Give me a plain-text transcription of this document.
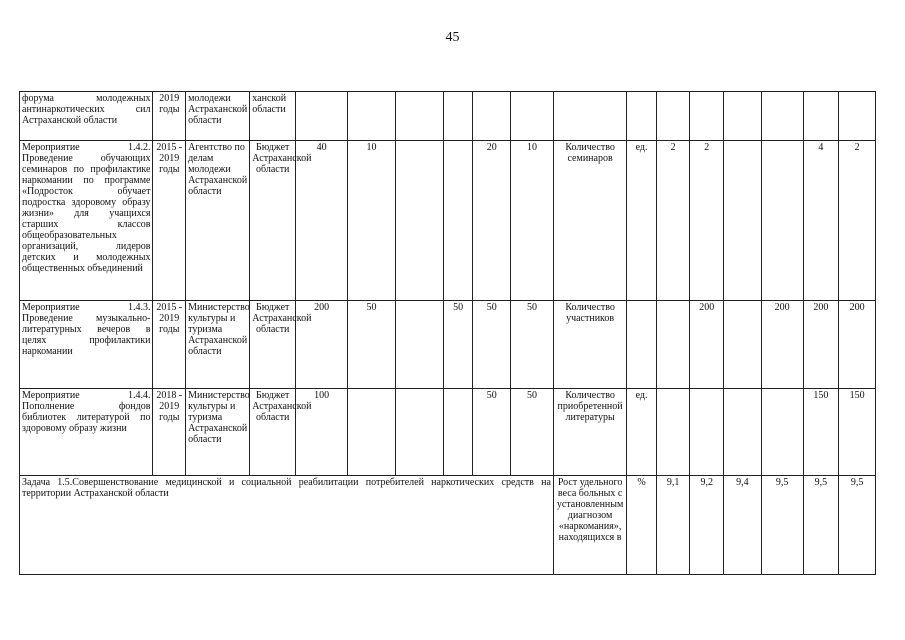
45
форума молодежных антинаркотических сил Астраханской области	2019 годы	молодежи Астраханской области	ханской области														
Мероприятие 1.4.2. Проведение обучающих семинаров по профилактике наркомании по программе «Подросток обучает подростка здоровому образу жизни» для учащихся старших классов общеобразовательных организаций, лидеров детских и молодежных общественных объединений	2015 - 2019 годы	Агентство по делам молодежи Астраханской области	Бюджет Астраханской области	40	10			20	10	Количество семинаров	ед.	2	2			4	2
Мероприятие 1.4.3. Проведение музыкально-литературных вечеров в целях профилактики наркомании	2015 - 2019 годы	Министерство культуры и туризма Астраханской области	Бюджет Астраханской области	200	50		50	50	50	Количество участников			200		200	200	200
Мероприятие 1.4.4. Пополнение фондов библиотек литературой по здоровому образу жизни	2018 - 2019 годы	Министерство культуры и туризма Астраханской области	Бюджет Астраханской области	100				50	50	Количество приобретенной литературы	ед.					150	150
Задача 1.5.Совершенствование медицинской и социальной реабилитации потребителей наркотических средств на территории Астраханской области										Рост удельного веса больных с установленным диагнозом «наркомания», находящихся в	%	9,1	9,2	9,4	9,5	9,5	9,5
